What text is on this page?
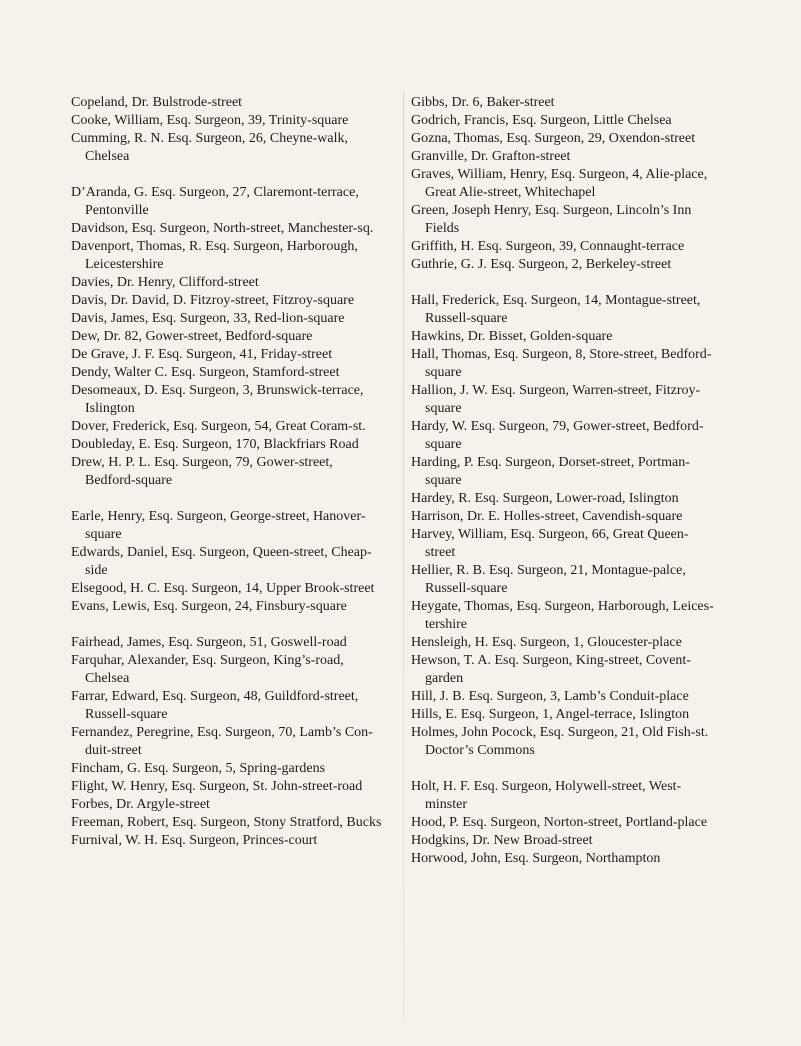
Copeland, Dr. Bulstrode-street
Cooke, William, Esq. Surgeon, 39, Trinity-square
Cumming, R. N. Esq. Surgeon, 26, Cheyne-walk,
Chelsea
D’Aranda, G. Esq. Surgeon, 27, Claremont-terrace,
Pentonville
Davidson, Esq. Surgeon, North-street, Manchester-sq.
Davenport, Thomas, R. Esq. Surgeon, Harborough,
Leicestershire
Davies, Dr. Henry, Clifford-street
Davis, Dr. David, D. Fitzroy-street, Fitzroy-square
Davis, James, Esq. Surgeon, 33, Red-lion-square
Dew, Dr. 82, Gower-street, Bedford-square
De Grave, J. F. Esq. Surgeon, 41, Friday-street
Dendy, Walter C. Esq. Surgeon, Stamford-street
Desomeaux, D. Esq. Surgeon, 3, Brunswick-terrace,
Islington
Dover, Frederick, Esq. Surgeon, 54, Great Coram-st.
Doubleday, E. Esq. Surgeon, 170, Blackfriars Road
Drew, H. P. L. Esq. Surgeon, 79, Gower-street,
Bedford-square
Earle, Henry, Esq. Surgeon, George-street, Hanover-
square
Edwards, Daniel, Esq. Surgeon, Queen-street, Cheap-
side
Elsegood, H. C. Esq. Surgeon, 14, Upper Brook-street
Evans, Lewis, Esq. Surgeon, 24, Finsbury-square
Fairhead, James, Esq. Surgeon, 51, Goswell-road
Farquhar, Alexander, Esq. Surgeon, King’s-road,
Chelsea
Farrar, Edward, Esq. Surgeon, 48, Guildford-street,
Russell-square
Fernandez, Peregrine, Esq. Surgeon, 70, Lamb’s Con-
duit-street
Fincham, G. Esq. Surgeon, 5, Spring-gardens
Flight, W. Henry, Esq. Surgeon, St. John-street-road
Forbes, Dr. Argyle-street
Freeman, Robert, Esq. Surgeon, Stony Stratford, Bucks
Furnival, W. H. Esq. Surgeon, Princes-court
Gibbs, Dr. 6, Baker-street
Godrich, Francis, Esq. Surgeon, Little Chelsea
Gozna, Thomas, Esq. Surgeon, 29, Oxendon-street
Granville, Dr. Grafton-street
Graves, William, Henry, Esq. Surgeon, 4, Alie-place,
Great Alie-street, Whitechapel
Green, Joseph Henry, Esq. Surgeon, Lincoln’s Inn
Fields
Griffith, H. Esq. Surgeon, 39, Connaught-terrace
Guthrie, G. J. Esq. Surgeon, 2, Berkeley-street
Hall, Frederick, Esq. Surgeon, 14, Montague-street,
Russell-square
Hawkins, Dr. Bisset, Golden-square
Hall, Thomas, Esq. Surgeon, 8, Store-street, Bedford-
square
Hallion, J. W. Esq. Surgeon, Warren-street, Fitzroy-
square
Hardy, W. Esq. Surgeon, 79, Gower-street, Bedford-
square
Harding, P. Esq. Surgeon, Dorset-street, Portman-
square
Hardey, R. Esq. Surgeon, Lower-road, Islington
Harrison, Dr. E. Holles-street, Cavendish-square
Harvey, William, Esq. Surgeon, 66, Great Queen-
street
Hellier, R. B. Esq. Surgeon, 21, Montague-palce,
Russell-square
Heygate, Thomas, Esq. Surgeon, Harborough, Leices-
tershire
Hensleigh, H. Esq. Surgeon, 1, Gloucester-place
Hewson, T. A. Esq. Surgeon, King-street, Covent-
garden
Hill, J. B. Esq. Surgeon, 3, Lamb’s Conduit-place
Hills, E. Esq. Surgeon, 1, Angel-terrace, Islington
Holmes, John Pocock, Esq. Surgeon, 21, Old Fish-st.
Doctor’s Commons
Holt, H. F. Esq. Surgeon, Holywell-street, West-
minster
Hood, P. Esq. Surgeon, Norton-street, Portland-place
Hodgkins, Dr. New Broad-street
Horwood, John, Esq. Surgeon, Northampton
